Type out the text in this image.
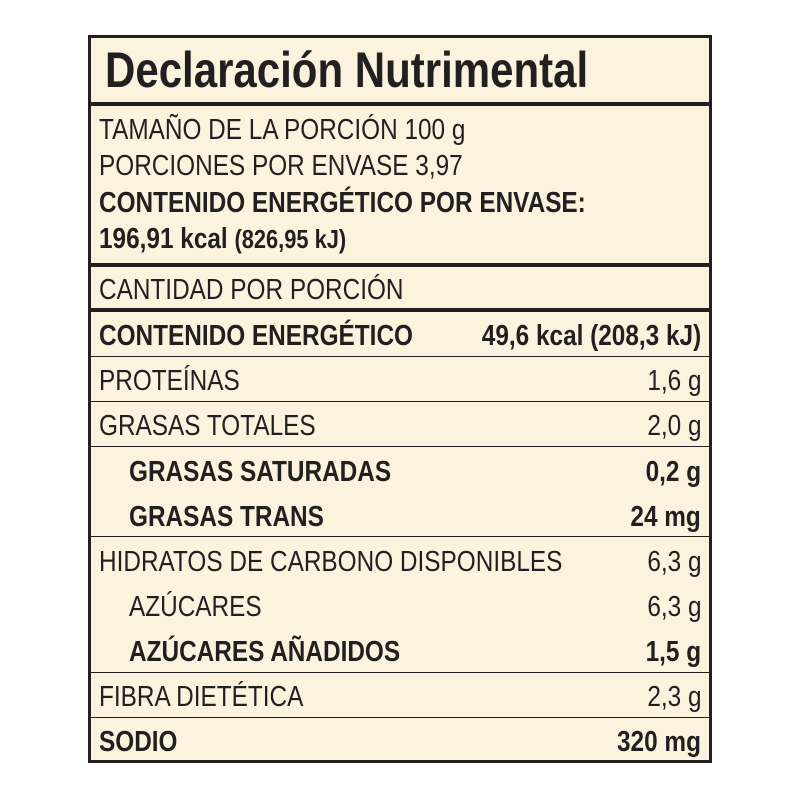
Declaración Nutrimental
TAMAÑO DE LA PORCIÓN 100 g
PORCIONES POR ENVASE 3,97
CONTENIDO ENERGÉTICO POR ENVASE:
196,91 kcal (826,95 kJ)
CANTIDAD POR PORCIÓN
CONTENIDO ENERGÉTICO 49,6 kcal (208,3 kJ)
PROTEÍNAS	1,6 g
GRASAS TOTALES	2,0 g
GRASAS SATURADAS	0,2 g
GRASAS TRANS	24 mg
HIDRATOS DE CARBONO DISPONIBLES	6,3 g
AZÚCARES	6,3 g
AZÚCARES AÑADIDOS	1,5 g
FIBRA DIETÉTICA	2,3 g
SODIO	320 mg
